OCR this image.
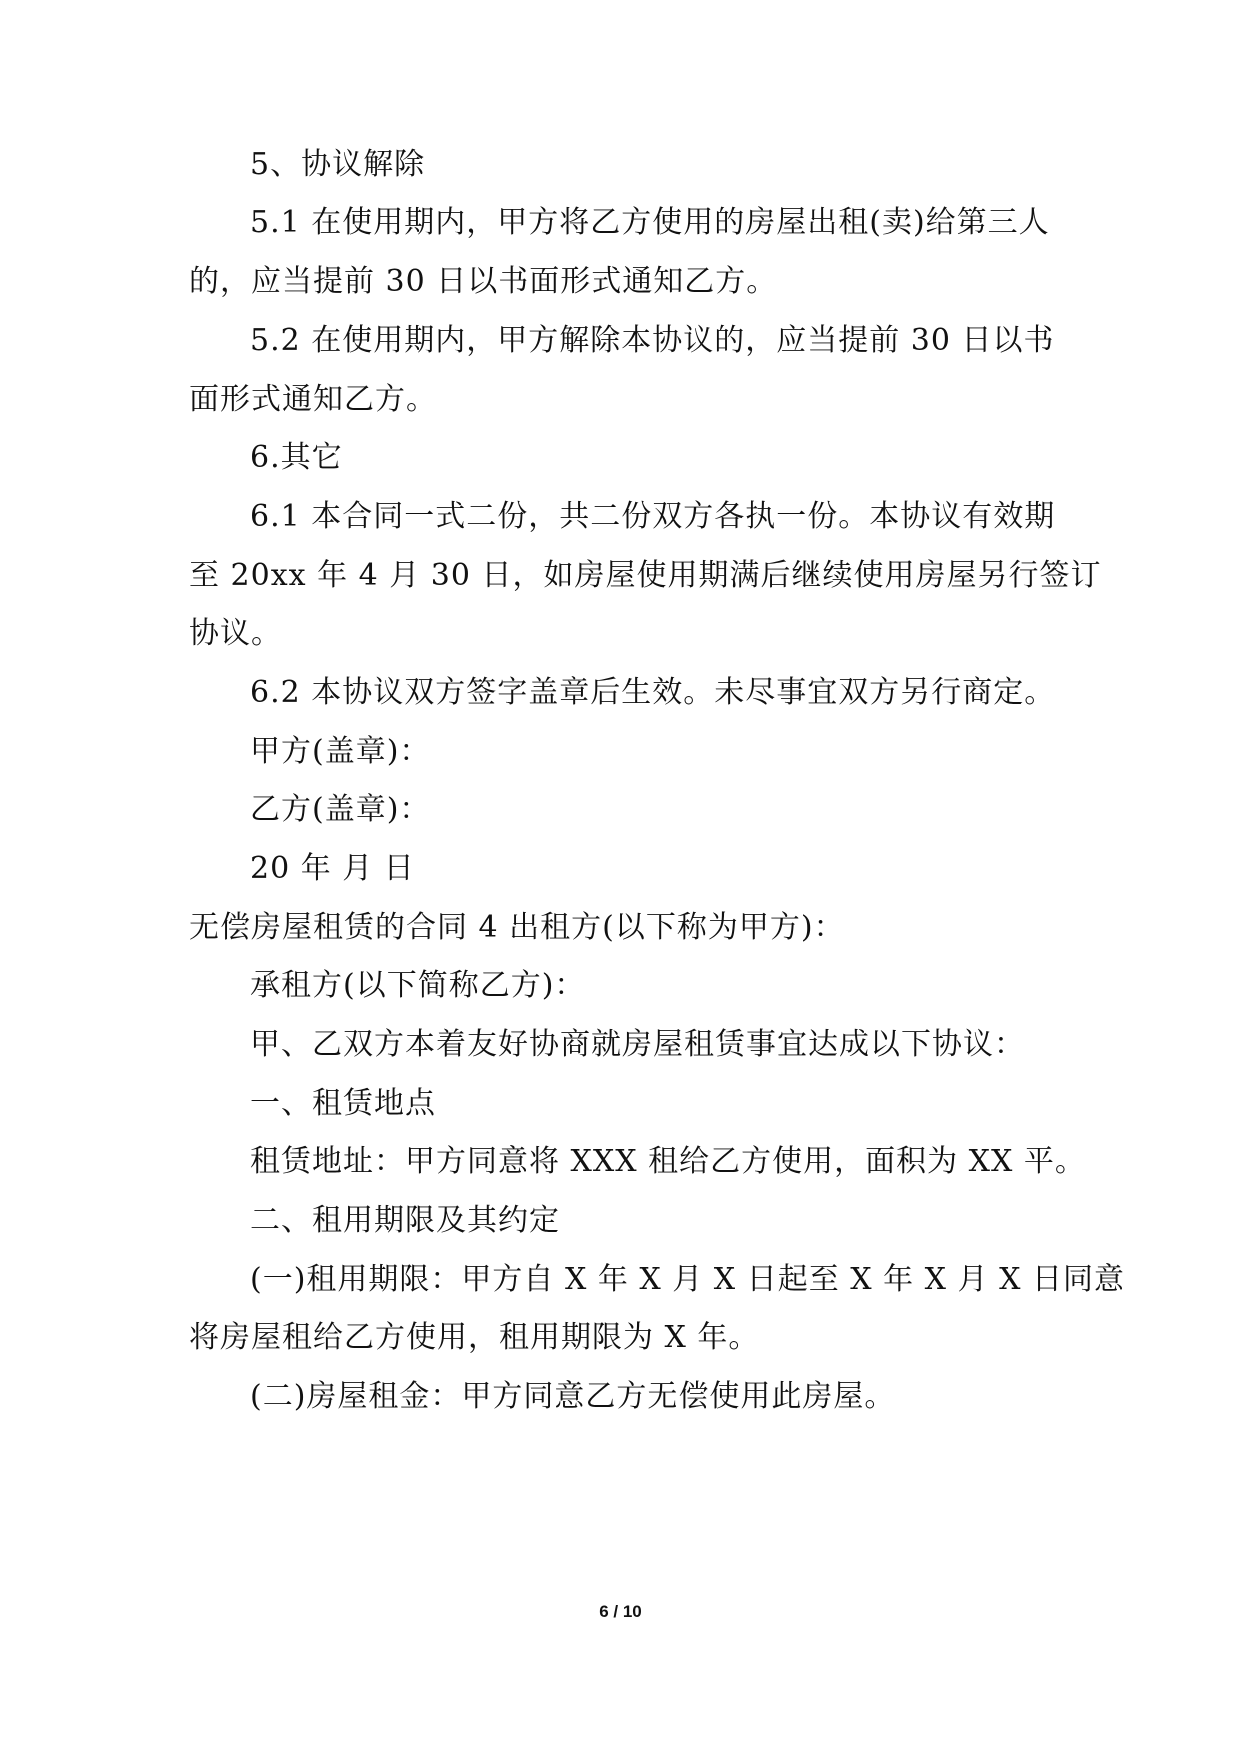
5、协议解除
5.1 在使用期内，甲方将乙方使用的房屋出租(卖)给第三人
的，应当提前 30 日以书面形式通知乙方。
5.2 在使用期内，甲方解除本协议的，应当提前 30 日以书
面形式通知乙方。
6.其它
6.1 本合同一式二份，共二份双方各执一份。本协议有效期
至 20xx 年 4 月 30 日，如房屋使用期满后继续使用房屋另行签订
协议。
6.2 本协议双方签字盖章后生效。未尽事宜双方另行商定。
甲方(盖章)：
乙方(盖章)：
20 年 月 日
无偿房屋租赁的合同 4 出租方(以下称为甲方)：
承租方(以下简称乙方)：
甲、乙双方本着友好协商就房屋租赁事宜达成以下协议：
一、租赁地点
租赁地址：甲方同意将 XXX 租给乙方使用，面积为 XX 平。
二、租用期限及其约定
(一)租用期限：甲方自 X 年 X 月 X 日起至 X 年 X 月 X 日同意
将房屋租给乙方使用，租用期限为 X 年。
(二)房屋租金：甲方同意乙方无偿使用此房屋。
6 / 10
